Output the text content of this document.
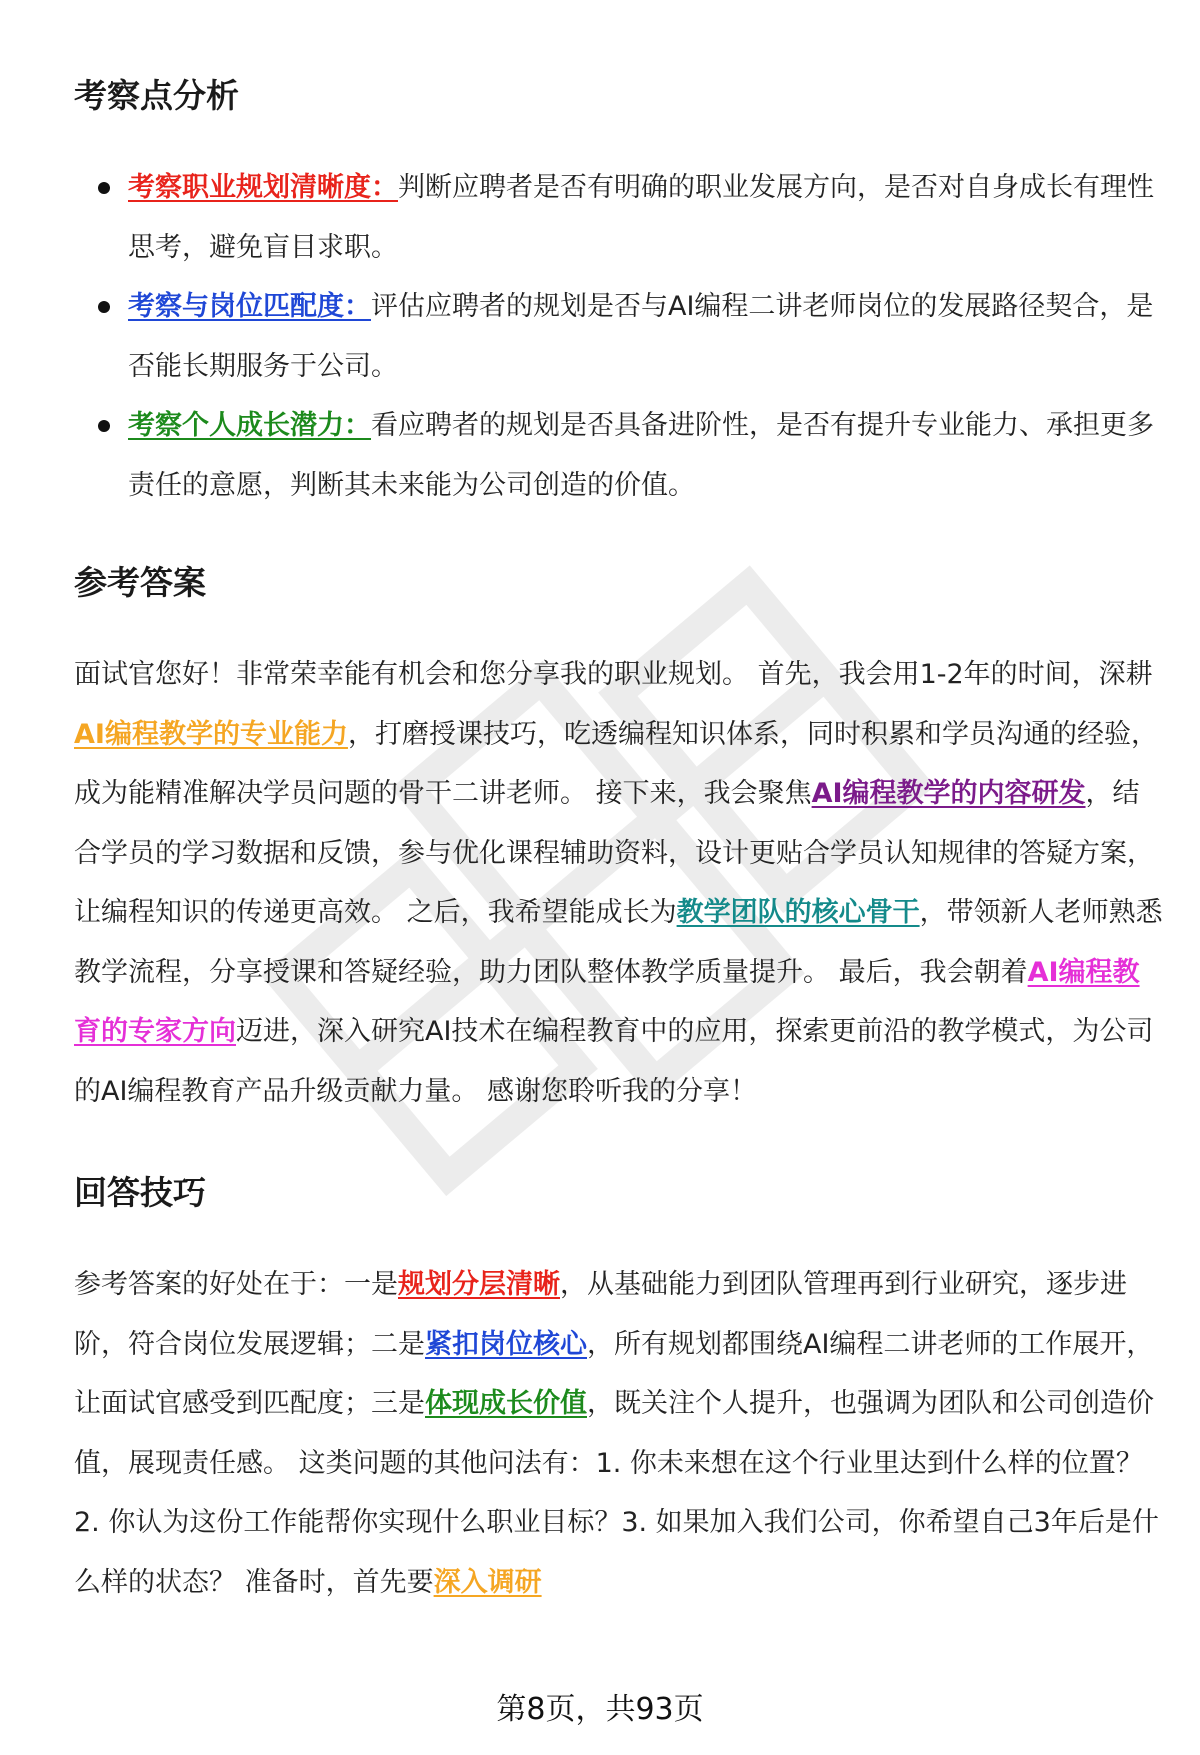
考察点分析
考察职业规划清晰度：判断应聘者是否有明确的职业发展方向，是否对自身成长有理性思考，避免盲目求职。
考察与岗位匹配度：评估应聘者的规划是否与AI编程二讲老师岗位的发展路径契合，是否能长期服务于公司。
考察个人成长潜力：看应聘者的规划是否具备进阶性，是否有提升专业能力、承担更多责任的意愿，判断其未来能为公司创造的价值。
参考答案

面试官您好！非常荣幸能有机会和您分享我的职业规划。 首先，我会用1-2年的时间，深耕AI编程教学的专业能力，打磨授课技巧，吃透编程知识体系，同时积累和学员沟通的经验，成为能精准解决学员问题的骨干二讲老师。 接下来，我会聚焦AI编程教学的内容研发，结合学员的学习数据和反馈，参与优化课程辅助资料，设计更贴合学员认知规律的答疑方案，让编程知识的传递更高效。 之后，我希望能成长为教学团队的核心骨干，带领新人老师熟悉教学流程，分享授课和答疑经验，助力团队整体教学质量提升。 最后，我会朝着AI编程教育的专家方向迈进，深入研究AI技术在编程教育中的应用，探索更前沿的教学模式，为公司的AI编程教育产品升级贡献力量。 感谢您聆听我的分享！

回答技巧

参考答案的好处在于：一是规划分层清晰，从基础能力到团队管理再到行业研究，逐步进阶，符合岗位发展逻辑；二是紧扣岗位核心，所有规划都围绕AI编程二讲老师的工作展开，让面试官感受到匹配度；三是体现成长价值，既关注个人提升，也强调为团队和公司创造价值，展现责任感。 这类问题的其他问法有：1. 你未来想在这个行业里达到什么样的位置？2. 你认为这份工作能帮你实现什么职业目标？3. 如果加入我们公司，你希望自己3年后是什么样的状态？ 准备时，首先要深入调研

第8页，共93页
